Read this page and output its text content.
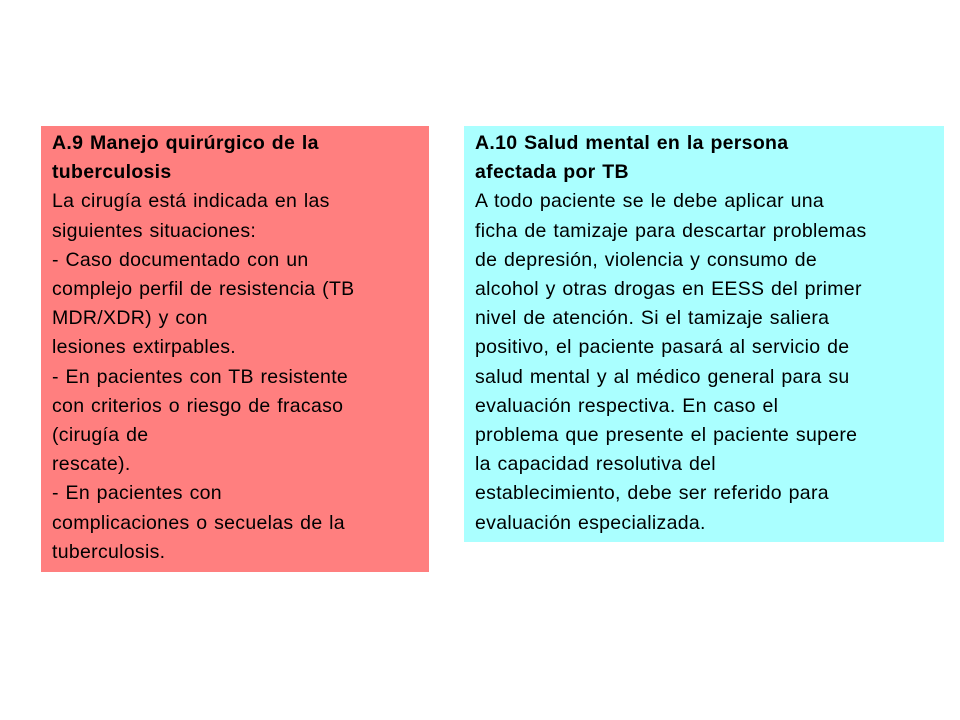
A.9 Manejo quirúrgico de la
tuberculosis
La cirugía está indicada en las
siguientes situaciones:
- Caso documentado con un
complejo perfil de resistencia (TB
MDR/XDR) y con
lesiones extirpables.
- En pacientes con TB resistente
con criterios o riesgo de fracaso
(cirugía de
rescate).
- En pacientes con
complicaciones o secuelas de la
tuberculosis.
A.10 Salud mental en la persona
afectada por TB
A todo paciente se le debe aplicar una
ficha de tamizaje para descartar problemas
de depresión, violencia y consumo de
alcohol y otras drogas en EESS del primer
nivel de atención. Si el tamizaje saliera
positivo, el paciente pasará al servicio de
salud mental y al médico general para su
evaluación respectiva. En caso el
problema que presente el paciente supere
la capacidad resolutiva del
establecimiento, debe ser referido para
evaluación especializada.
